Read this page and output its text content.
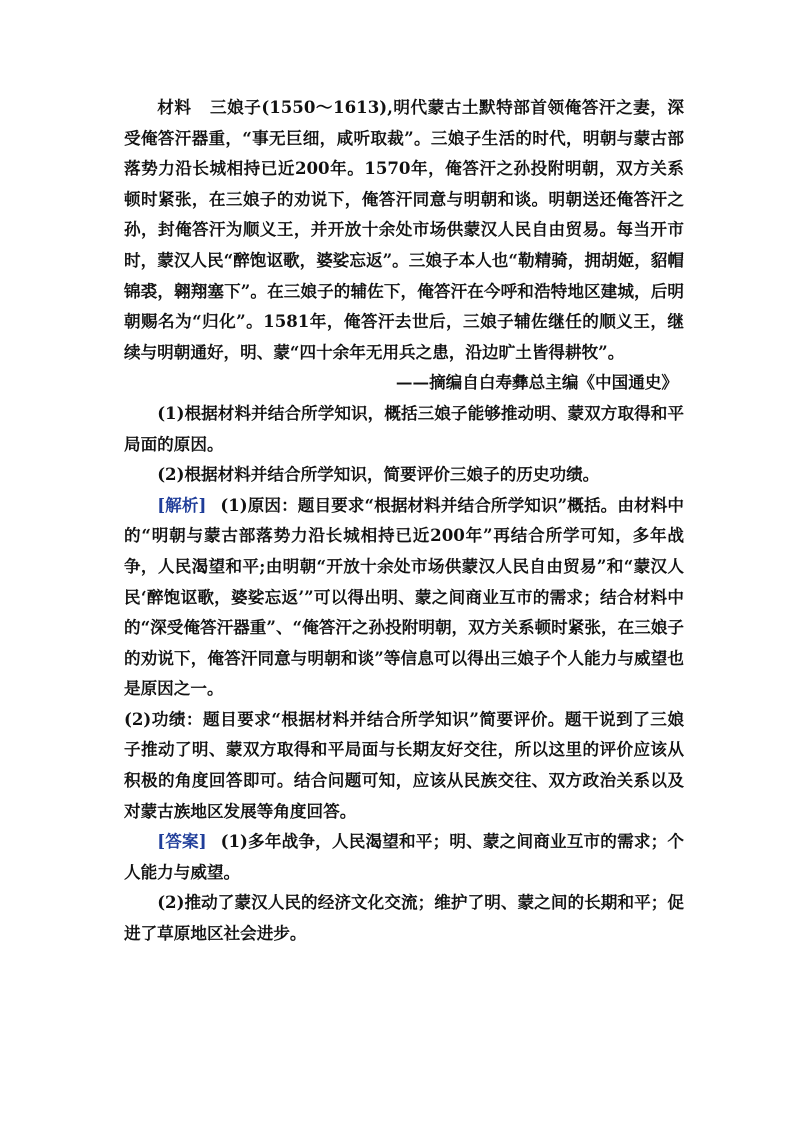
材料 三娘子(1550～1613),明代蒙古土默特部首领俺答汗之妻，深受俺答汗器重，“事无巨细，咸听取裁”。三娘子生活的时代，明朝与蒙古部落势力沿长城相持已近200年。1570年，俺答汗之孙投附明朝，双方关系顿时紧张，在三娘子的劝说下，俺答汗同意与明朝和谈。明朝送还俺答汗之孙，封俺答汗为顺义王，并开放十余处市场供蒙汉人民自由贸易。每当开市时，蒙汉人民“醉饱讴歌，婆娑忘返”。三娘子本人也“勒精骑，拥胡姬，貂帽锦裘，翱翔塞下”。在三娘子的辅佐下，俺答汗在今呼和浩特地区建城，后明朝赐名为“归化”。1581年，俺答汗去世后，三娘子辅佐继任的顺义王，继续与明朝通好，明、蒙“四十余年无用兵之患，沿边旷土皆得耕牧”。

——摘编自白寿彝总主编《中国通史》

(1)根据材料并结合所学知识，概括三娘子能够推动明、蒙双方取得和平局面的原因。

(2)根据材料并结合所学知识，简要评价三娘子的历史功绩。

[解析] (1)原因：题目要求“根据材料并结合所学知识”概括。由材料中的“明朝与蒙古部落势力沿长城相持已近200年”再结合所学可知，多年战争，人民渴望和平;由明朝“开放十余处市场供蒙汉人民自由贸易”和“蒙汉人民‘醉饱讴歌，婆娑忘返’”可以得出明、蒙之间商业互市的需求；结合材料中的“深受俺答汗器重”、“俺答汗之孙投附明朝，双方关系顿时紧张，在三娘子的劝说下，俺答汗同意与明朝和谈”等信息可以得出三娘子个人能力与威望也是原因之一。

(2)功绩：题目要求“根据材料并结合所学知识”简要评价。题干说到了三娘子推动了明、蒙双方取得和平局面与长期友好交往，所以这里的评价应该从积极的角度回答即可。结合问题可知，应该从民族交往、双方政治关系以及对蒙古族地区发展等角度回答。

[答案] (1)多年战争，人民渴望和平；明、蒙之间商业互市的需求；个人能力与威望。

(2)推动了蒙汉人民的经济文化交流；维护了明、蒙之间的长期和平；促进了草原地区社会进步。
